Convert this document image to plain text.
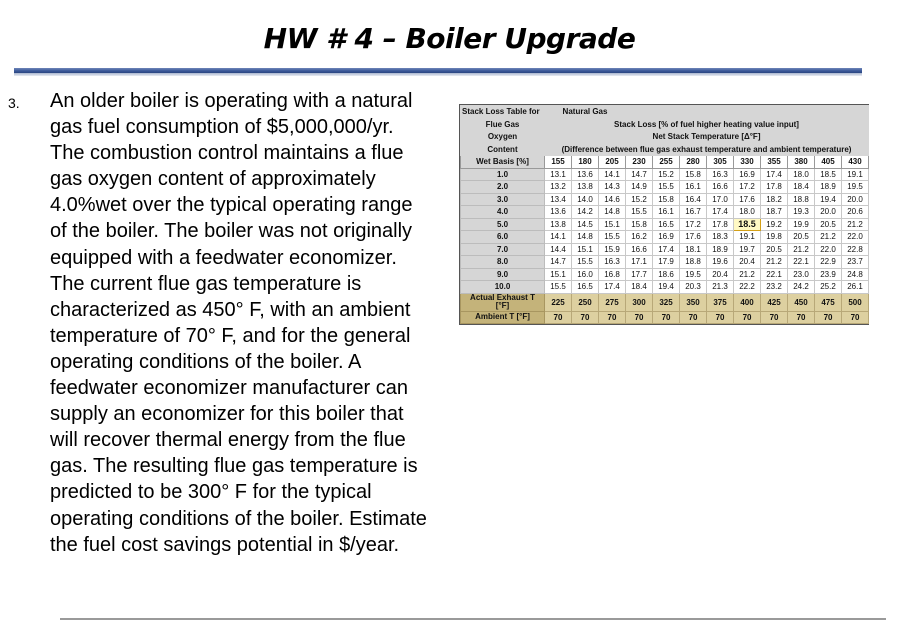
HW # 4 – Boiler Upgrade
3. An older boiler is operating with a natural gas fuel consumption of $5,000,000/yr. The combustion control maintains a flue gas oxygen content of approximately 4.0%wet over the typical operating range of the boiler. The boiler was not originally equipped with a feedwater economizer. The current flue gas temperature is characterized as 450° F, with an ambient temperature of 70° F, and for the general operating conditions of the boiler. A feedwater economizer manufacturer can supply an economizer for this boiler that will recover thermal energy from the flue gas. The resulting flue gas temperature is predicted to be 300° F for the typical operating conditions of the boiler. Estimate the fuel cost savings potential in $/year.
Stack Loss Table for	Natural Gas											
Flue Gas	Stack Loss [% of fuel higher heating value input]											
Oxygen	Net Stack Temperature [Δ°F]											
Content	(Difference between flue gas exhaust temperature and ambient temperature)											
Wet Basis [%]	155	180	205	230	255	280	305	330	355	380	405	430
1.0	13.1	13.6	14.1	14.7	15.2	15.8	16.3	16.9	17.4	18.0	18.5	19.1
2.0	13.2	13.8	14.3	14.9	15.5	16.1	16.6	17.2	17.8	18.4	18.9	19.5
3.0	13.4	14.0	14.6	15.2	15.8	16.4	17.0	17.6	18.2	18.8	19.4	20.0
4.0	13.6	14.2	14.8	15.5	16.1	16.7	17.4	18.0	18.7	19.3	20.0	20.6
5.0	13.8	14.5	15.1	15.8	16.5	17.2	17.8	18.5	19.2	19.9	20.5	21.2
6.0	14.1	14.8	15.5	16.2	16.9	17.6	18.3	19.1	19.8	20.5	21.2	22.0
7.0	14.4	15.1	15.9	16.6	17.4	18.1	18.9	19.7	20.5	21.2	22.0	22.8
8.0	14.7	15.5	16.3	17.1	17.9	18.8	19.6	20.4	21.2	22.1	22.9	23.7
9.0	15.1	16.0	16.8	17.7	18.6	19.5	20.4	21.2	22.1	23.0	23.9	24.8
10.0	15.5	16.5	17.4	18.4	19.4	20.3	21.3	22.2	23.2	24.2	25.2	26.1

Actual Exhaust T
[°F]	225	250	275	300	325	350	375	400	425	450	475	500
Ambient T [°F]	70	70	70	70	70	70	70	70	70	70	70	70
